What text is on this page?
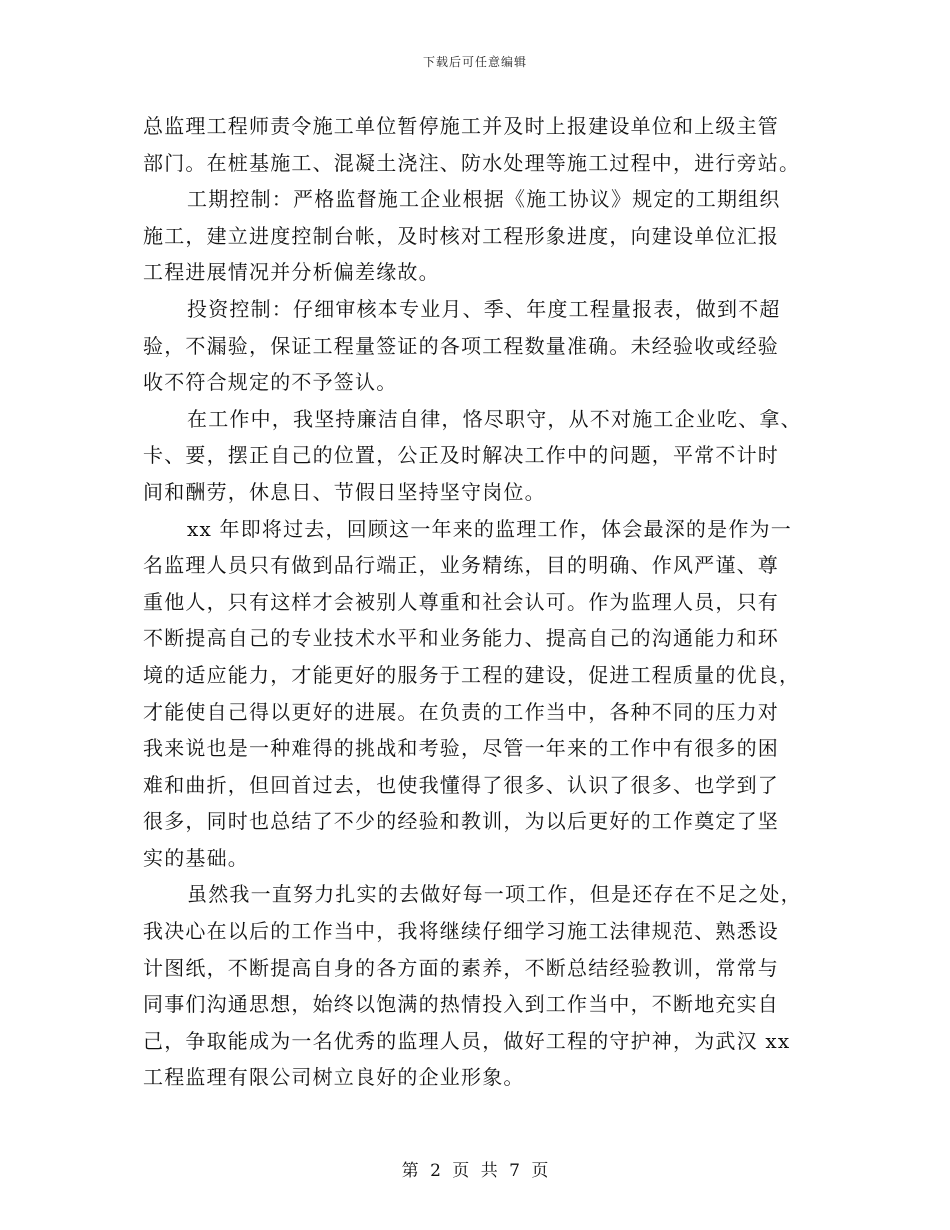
下载后可任意编辑
总监理工程师责令施工单位暂停施工并及时上报建设单位和上级主管
部门。在桩基施工、混凝土浇注、防水处理等施工过程中，进行旁站。
工期控制：严格监督施工企业根据《施工协议》规定的工期组织
施工，建立进度控制台帐，及时核对工程形象进度，向建设单位汇报
工程进展情况并分析偏差缘故。
投资控制：仔细审核本专业月、季、年度工程量报表，做到不超
验，不漏验，保证工程量签证的各项工程数量准确。未经验收或经验
收不符合规定的不予签认。
在工作中，我坚持廉洁自律，恪尽职守，从不对施工企业吃、拿、
卡、要，摆正自己的位置，公正及时解决工作中的问题，平常不计时
间和酬劳，休息日、节假日坚持坚守岗位。
xx 年即将过去，回顾这一年来的监理工作，体会最深的是作为一
名监理人员只有做到品行端正，业务精练，目的明确、作风严谨、尊
重他人，只有这样才会被别人尊重和社会认可。作为监理人员，只有
不断提高自己的专业技术水平和业务能力、提高自己的沟通能力和环
境的适应能力，才能更好的服务于工程的建设，促进工程质量的优良，
才能使自己得以更好的进展。在负责的工作当中，各种不同的压力对
我来说也是一种难得的挑战和考验，尽管一年来的工作中有很多的困
难和曲折，但回首过去，也使我懂得了很多、认识了很多、也学到了
很多，同时也总结了不少的经验和教训，为以后更好的工作奠定了坚
实的基础。
虽然我一直努力扎实的去做好每一项工作，但是还存在不足之处，
我决心在以后的工作当中，我将继续仔细学习施工法律规范、熟悉设
计图纸，不断提高自身的各方面的素养，不断总结经验教训，常常与
同事们沟通思想，始终以饱满的热情投入到工作当中，不断地充实自
己，争取能成为一名优秀的监理人员，做好工程的守护神，为武汉 xx
工程监理有限公司树立良好的企业形象。
第 2 页 共 7 页
